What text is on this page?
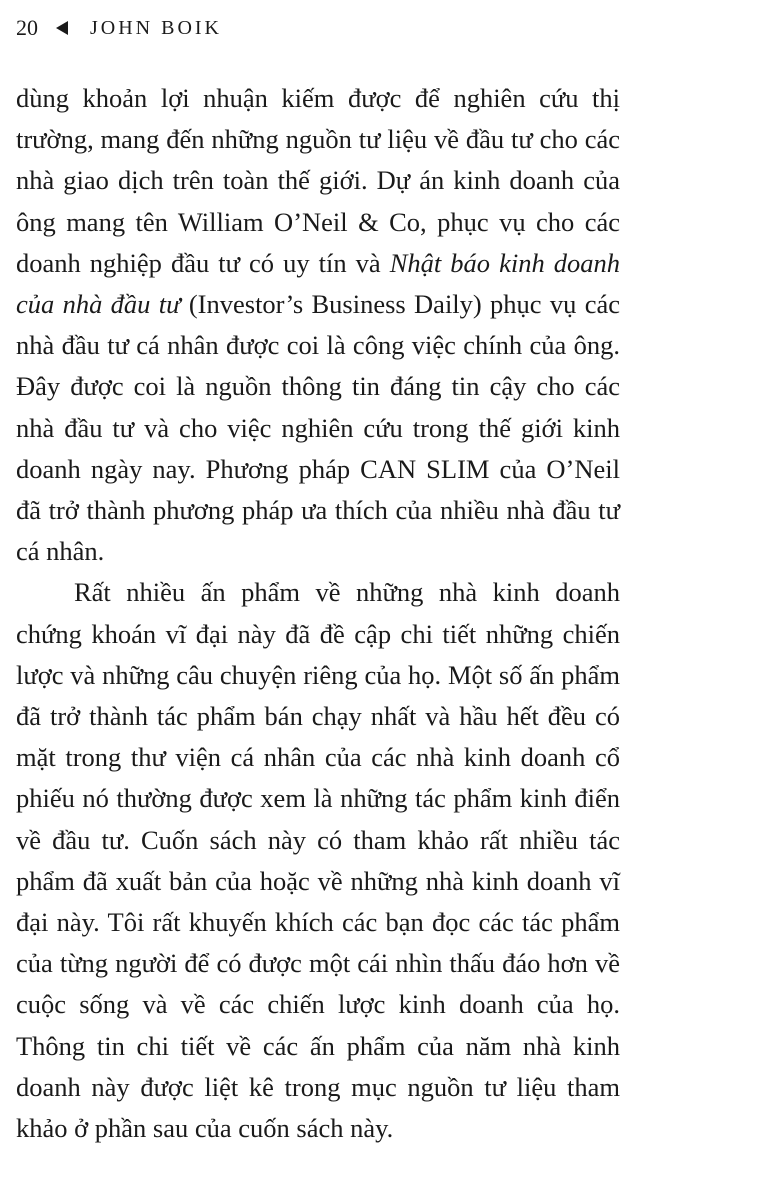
20	JOHN BOIK

dùng khoản lợi nhuận kiếm được để nghiên cứu thị trường, mang đến những nguồn tư liệu về đầu tư cho các nhà giao dịch trên toàn thế giới. Dự án kinh doanh của ông mang tên William O’Neil & Co, phục vụ cho các doanh nghiệp đầu tư có uy tín và Nhật báo kinh doanh của nhà đầu tư (Investor’s Business Daily) phục vụ các nhà đầu tư cá nhân được coi là công việc chính của ông. Đây được coi là nguồn thông tin đáng tin cậy cho các nhà đầu tư và cho việc nghiên cứu trong thế giới kinh doanh ngày nay. Phương pháp CAN SLIM của O’Neil đã trở thành phương pháp ưa thích của nhiều nhà đầu tư cá nhân.

Rất nhiều ấn phẩm về những nhà kinh doanh chứng khoán vĩ đại này đã đề cập chi tiết những chiến lược và những câu chuyện riêng của họ. Một số ấn phẩm đã trở thành tác phẩm bán chạy nhất và hầu hết đều có mặt trong thư viện cá nhân của các nhà kinh doanh cổ phiếu nó thường được xem là những tác phẩm kinh điển về đầu tư. Cuốn sách này có tham khảo rất nhiều tác phẩm đã xuất bản của hoặc về những nhà kinh doanh vĩ đại này. Tôi rất khuyến khích các bạn đọc các tác phẩm của từng người để có được một cái nhìn thấu đáo hơn về cuộc sống và về các chiến lược kinh doanh của họ. Thông tin chi tiết về các ấn phẩm của năm nhà kinh doanh này được liệt kê trong mục nguồn tư liệu tham khảo ở phần sau của cuốn sách này.
